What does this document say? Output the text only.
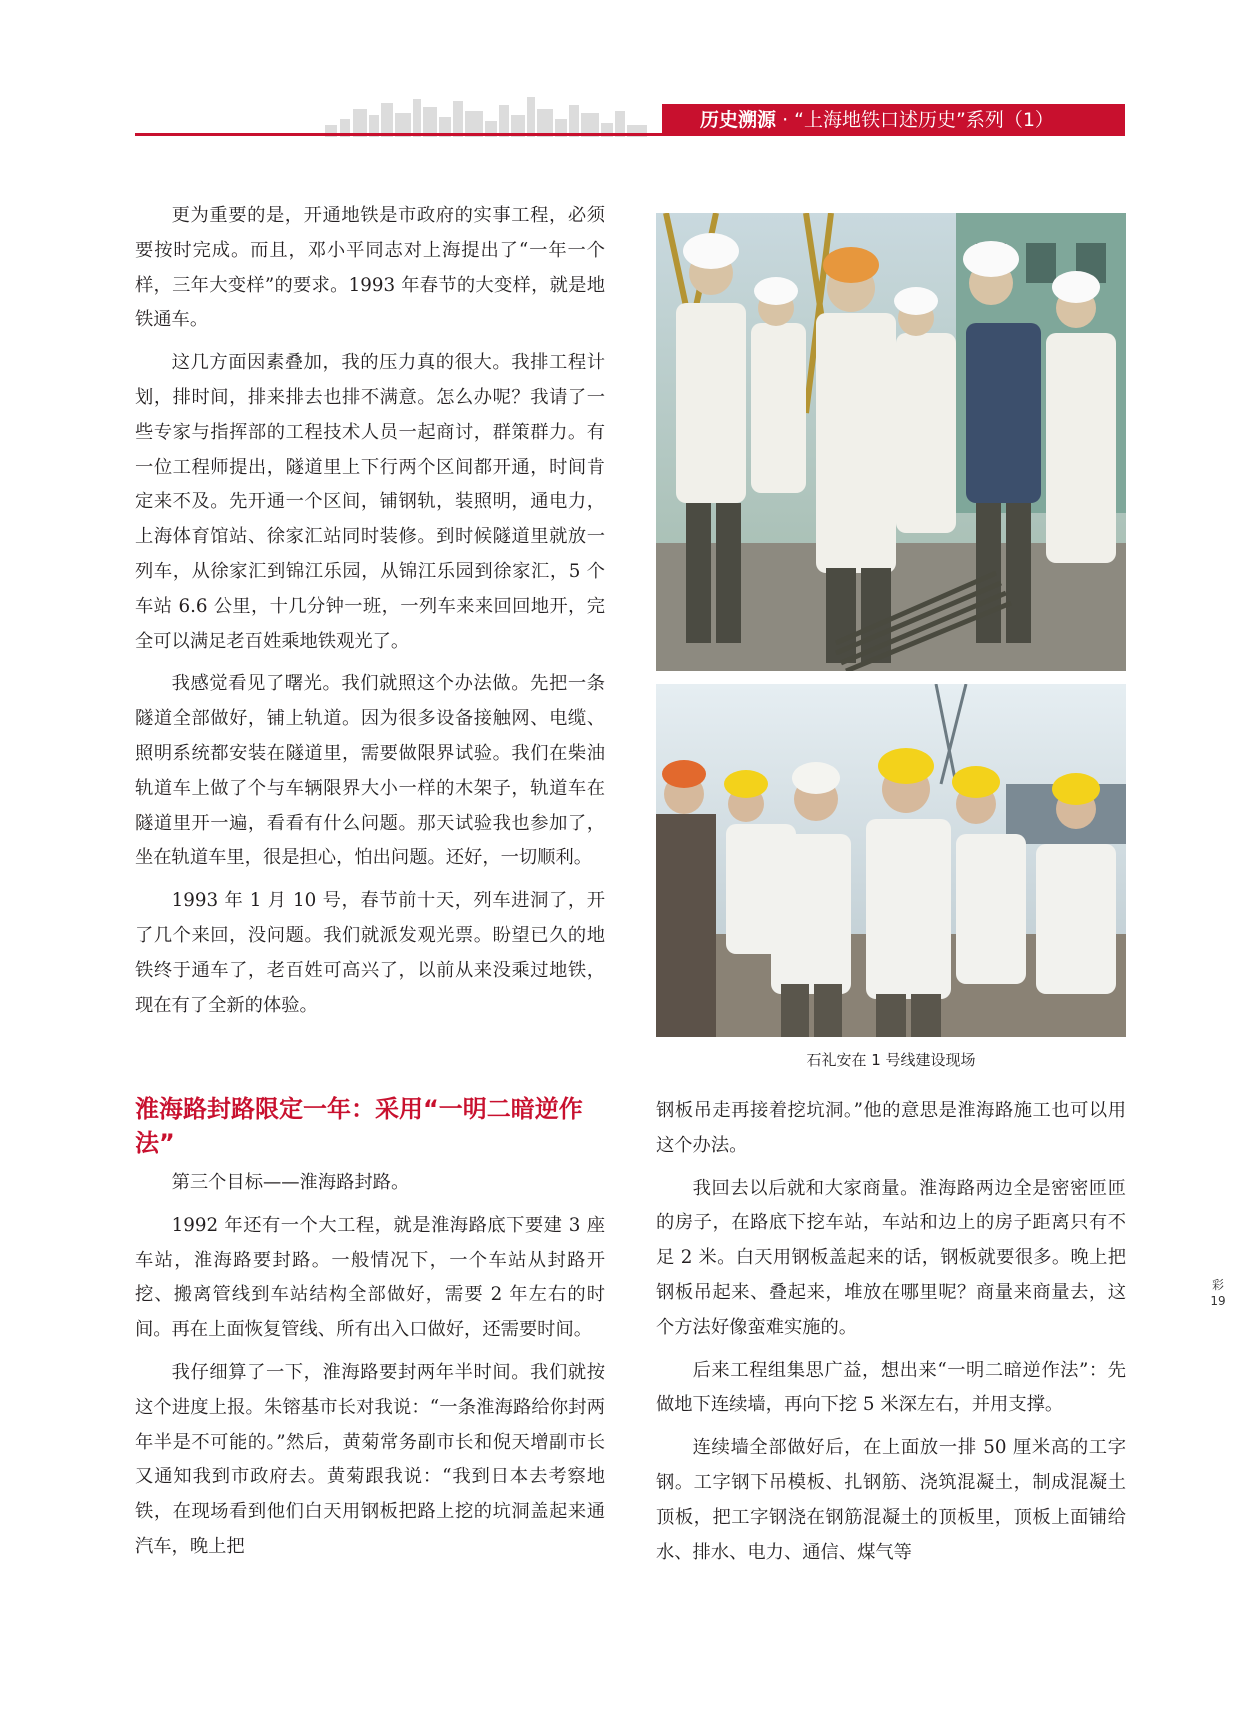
历史溯源 · “上海地铁口述历史”系列（1）

更为重要的是，开通地铁是市政府的实事工程，必须要按时完成。而且，邓小平同志对上海提出了“一年一个样，三年大变样”的要求。1993 年春节的大变样，就是地铁通车。

这几方面因素叠加，我的压力真的很大。我排工程计划，排时间，排来排去也排不满意。怎么办呢？我请了一些专家与指挥部的工程技术人员一起商讨，群策群力。有一位工程师提出，隧道里上下行两个区间都开通，时间肯定来不及。先开通一个区间，铺钢轨，装照明，通电力，上海体育馆站、徐家汇站同时装修。到时候隧道里就放一列车，从徐家汇到锦江乐园，从锦江乐园到徐家汇，5 个车站 6.6 公里，十几分钟一班，一列车来来回回地开，完全可以满足老百姓乘地铁观光了。

我感觉看见了曙光。我们就照这个办法做。先把一条隧道全部做好，铺上轨道。因为很多设备接触网、电缆、照明系统都安装在隧道里，需要做限界试验。我们在柴油轨道车上做了个与车辆限界大小一样的木架子，轨道车在隧道里开一遍，看看有什么问题。那天试验我也参加了，坐在轨道车里，很是担心，怕出问题。还好，一切顺利。

1993 年 1 月 10 号，春节前十天，列车进洞了，开了几个来回，没问题。我们就派发观光票。盼望已久的地铁终于通车了，老百姓可高兴了，以前从来没乘过地铁，现在有了全新的体验。

淮海路封路限定一年：采用“一明二暗逆作法”

第三个目标——淮海路封路。

1992 年还有一个大工程，就是淮海路底下要建 3 座车站，淮海路要封路。一般情况下，一个车站从封路开挖、搬离管线到车站结构全部做好，需要 2 年左右的时间。再在上面恢复管线、所有出入口做好，还需要时间。

我仔细算了一下，淮海路要封两年半时间。我们就按这个进度上报。朱镕基市长对我说：“一条淮海路给你封两年半是不可能的。”然后，黄菊常务副市长和倪天增副市长又通知我到市政府去。黄菊跟我说：“我到日本去考察地铁，在现场看到他们白天用钢板把路上挖的坑洞盖起来通汽车，晚上把

石礼安在 1 号线建设现场

钢板吊走再接着挖坑洞。”他的意思是淮海路施工也可以用这个办法。

我回去以后就和大家商量。淮海路两边全是密密匝匝的房子，在路底下挖车站，车站和边上的房子距离只有不足 2 米。白天用钢板盖起来的话，钢板就要很多。晚上把钢板吊起来、叠起来，堆放在哪里呢？商量来商量去，这个方法好像蛮难实施的。

后来工程组集思广益，想出来“一明二暗逆作法”：先做地下连续墙，再向下挖 5 米深左右，并用支撑。

连续墙全部做好后，在上面放一排 50 厘米高的工字钢。工字钢下吊模板、扎钢筋、浇筑混凝土，制成混凝土顶板，把工字钢浇在钢筋混凝土的顶板里，顶板上面铺给水、排水、电力、通信、煤气等

彩
19
